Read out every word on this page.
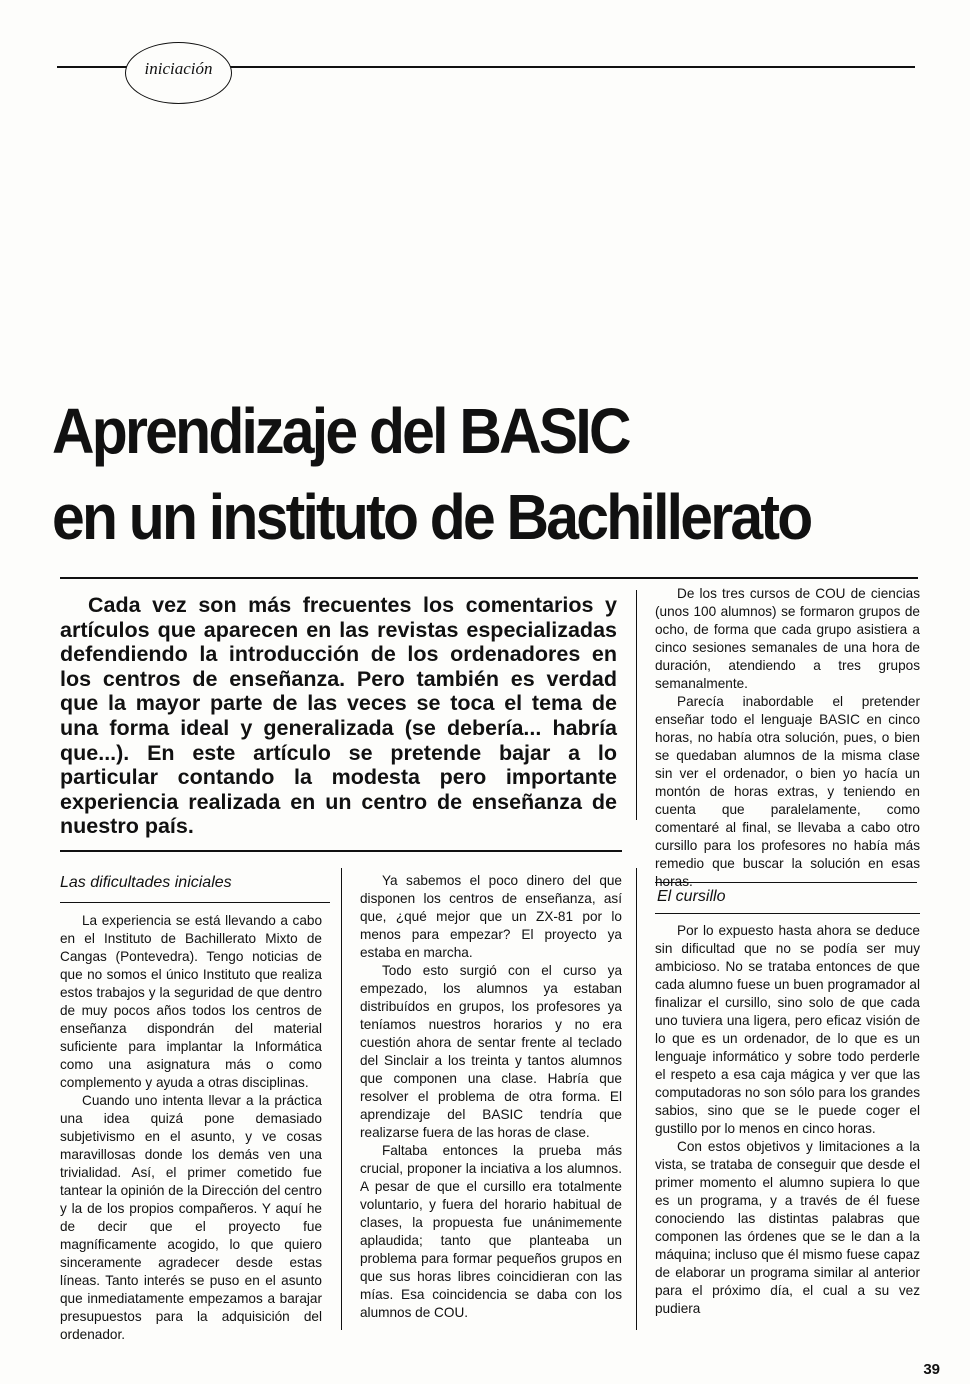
iniciación
Aprendizaje del BASIC
en un instituto de Bachillerato

Cada vez son más frecuentes los comentarios y artículos que aparecen en las revistas especializadas defendiendo la introducción de los ordenadores en los centros de enseñanza. Pero también es verdad que la mayor parte de las veces se toca el tema de una forma ideal y generalizada (se debería... habría que...). En este artículo se pretende bajar a lo particular contando la modesta pero importante experiencia realizada en un centro de enseñanza de nuestro país.

Las dificultades iniciales

La experiencia se está llevando a cabo en el Instituto de Bachillerato Mixto de Cangas (Pontevedra). Tengo noticias de que no somos el único Instituto que realiza estos trabajos y la seguridad de que dentro de muy pocos años todos los centros de enseñanza dispondrán del material suficiente para implantar la Informática como una asignatura más o como complemento y ayuda a otras disciplinas.

Cuando uno intenta llevar a la práctica una idea quizá pone demasiado subjetivismo en el asunto, y ve cosas maravillosas donde los demás ven una trivialidad. Así, el primer cometido fue tantear la opinión de la Dirección del centro y la de los propios compañeros. Y aquí he de decir que el proyecto fue magníficamente acogido, lo que quiero sinceramente agradecer desde estas líneas. Tanto interés se puso en el asunto que inmediatamente empezamos a barajar presupuestos para la adquisición del ordenador.

Ya sabemos el poco dinero del que disponen los centros de enseñanza, así que, ¿qué mejor que un ZX-81 por lo menos para empezar? El proyecto ya estaba en marcha.

Todo esto surgió con el curso ya empezado, los alumnos ya estaban distribuídos en grupos, los profesores ya teníamos nuestros horarios y no era cuestión ahora de sentar frente al teclado del Sinclair a los treinta y tantos alumnos que componen una clase. Habría que resolver el problema de otra forma. El aprendizaje del BASIC tendría que realizarse fuera de las horas de clase.

Faltaba entonces la prueba más crucial, proponer la inciativa a los alumnos. A pesar de que el cursillo era totalmente voluntario, y fuera del horario habitual de clases, la propuesta fue unánimemente aplaudida; tanto que planteaba un problema para formar pequeños grupos en que sus horas libres coincidieran con las mías. Esa coincidencia se daba con los alumnos de COU.

De los tres cursos de COU de ciencias (unos 100 alumnos) se formaron grupos de ocho, de forma que cada grupo asistiera a cinco sesiones semanales de una hora de duración, atendiendo a tres grupos semanalmente.

Parecía inabordable el pretender enseñar todo el lenguaje BASIC en cinco horas, no había otra solución, pues, o bien se quedaban alumnos de la misma clase sin ver el ordenador, o bien yo hacía un montón de horas extras, y teniendo en cuenta que paralelamente, como comentaré al final, se llevaba a cabo otro cursillo para los profesores no había más remedio que buscar la solución en esas

El cursillo

Por lo expuesto hasta ahora se deduce sin dificultad que no se podía ser muy ambicioso. No se trataba entonces de que cada alumno fuese un buen programador al finalizar el cursillo, sino solo de que cada uno tuviera una ligera, pero eficaz visión de lo que es un ordenador, de lo que es un lenguaje informático y sobre todo perderle el respeto a esa caja mágica y ver que las computadoras no son sólo para los grandes sabios, sino que se le puede coger el gustillo por lo menos en cinco horas.

Con estos objetivos y limitaciones a la vista, se trataba de conseguir que desde el primer momento el alumno supiera lo que es un programa, y a través de él fuese conociendo las distintas palabras que componen las órdenes que se le dan a la máquina; incluso que él mismo fuese capaz de elaborar un programa similar al anterior para el próximo día, el cual a su vez pudiera

39
